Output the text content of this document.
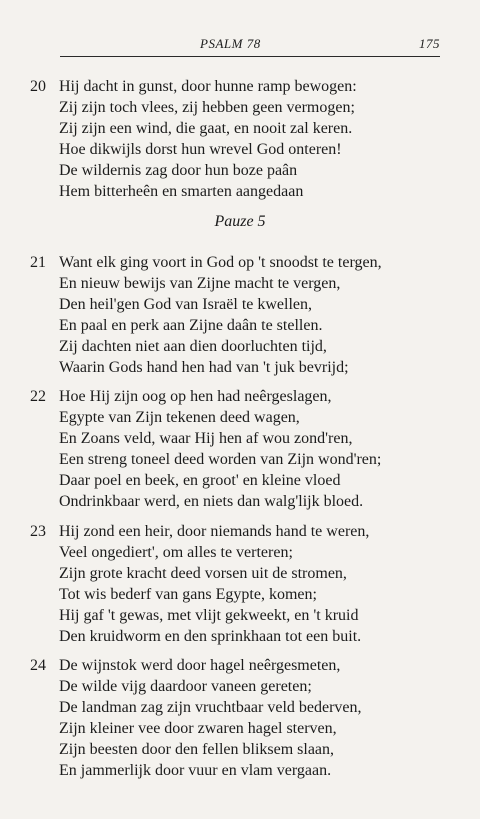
PSALM 78	175
20 Hij dacht in gunst, door hunne ramp bewogen:
Zij zijn toch vlees, zij hebben geen vermogen;
Zij zijn een wind, die gaat, en nooit zal keren.
Hoe dikwijls dorst hun wrevel God onteren!
De wildernis zag door hun boze paân
Hem bitterheên en smarten aangedaan
Pauze 5
21 Want elk ging voort in God op 't snoodst te tergen,
En nieuw bewijs van Zijne macht te vergen,
Den heil'gen God van Israël te kwellen,
En paal en perk aan Zijne daân te stellen.
Zij dachten niet aan dien doorluchten tijd,
Waarin Gods hand hen had van 't juk bevrijd;
22 Hoe Hij zijn oog op hen had neêrgeslagen,
Egypte van Zijn tekenen deed wagen,
En Zoans veld, waar Hij hen af wou zond'ren,
Een streng toneel deed worden van Zijn wond'ren;
Daar poel en beek, en groot' en kleine vloed
Ondrinkbaar werd, en niets dan walg'lijk bloed.
23 Hij zond een heir, door niemands hand te weren,
Veel ongediert', om alles te verteren;
Zijn grote kracht deed vorsen uit de stromen,
Tot wis bederf van gans Egypte, komen;
Hij gaf 't gewas, met vlijt gekweekt, en 't kruid
Den kruidworm en den sprinkhaan tot een buit.
24 De wijnstok werd door hagel neêrgesmeten,
De wilde vijg daardoor vaneen gereten;
De landman zag zijn vruchtbaar veld bederven,
Zijn kleiner vee door zwaren hagel sterven,
Zijn beesten door den fellen bliksem slaan,
En jammerlijk door vuur en vlam vergaan.
